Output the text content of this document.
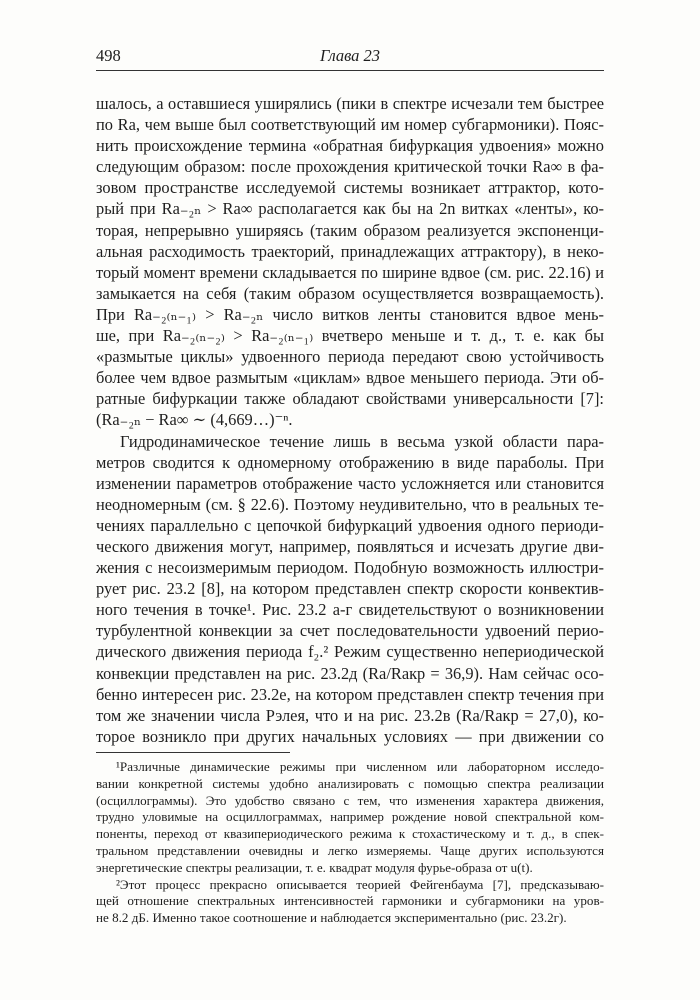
498	Глава 23
шалось, а оставшиеся уширялись (пики в спектре исчезали тем быстрее
по Ra, чем выше был соответствующий им номер субгармоники). Пояс-
нить происхождение термина «обратная бифуркация удвоения» можно
следующим образом: после прохождения критической точки Ra∞ в фа-
зовом пространстве исследуемой системы возникает аттрактор, кото-
рый при Ra₋₂ₙ > Ra∞ располагается как бы на 2n витках «ленты», ко-
торая, непрерывно уширяясь (таким образом реализуется экспоненци-
альная расходимость траекторий, принадлежащих аттрактору), в неко-
торый момент времени складывается по ширине вдвое (см. рис. 22.16) и
замыкается на себя (таким образом осуществляется возвращаемость).
При Ra₋₂₍ₙ₋₁₎ > Ra₋₂ₙ число витков ленты становится вдвое мень-
ше, при Ra₋₂₍ₙ₋₂₎ > Ra₋₂₍ₙ₋₁₎ вчетверо меньше и т. д., т. е. как бы
«размытые циклы» удвоенного периода передают свою устойчивость
более чем вдвое размытым «циклам» вдвое меньшего периода. Эти об-
ратные бифуркации также обладают свойствами универсальности [7]:
(Ra₋₂ₙ − Ra∞ ∼ (4,669…)⁻ⁿ.
Гидродинамическое течение лишь в весьма узкой области пара-
метров сводится к одномерному отображению в виде параболы. При
изменении параметров отображение часто усложняется или становится
неодномерным (см. § 22.6). Поэтому неудивительно, что в реальных те-
чениях параллельно с цепочкой бифуркаций удвоения одного периоди-
ческого движения могут, например, появляться и исчезать другие дви-
жения с несоизмеримым периодом. Подобную возможность иллюстри-
рует рис. 23.2 [8], на котором представлен спектр скорости конвектив-
ного течения в точке¹. Рис. 23.2 а-г свидетельствуют о возникновении
турбулентной конвекции за счет последовательности удвоений перио-
дического движения периода f₂.² Режим существенно непериодической
конвекции представлен на рис. 23.2д (Ra/Raкр = 36,9). Нам сейчас осо-
бенно интересен рис. 23.2е, на котором представлен спектр течения при
том же значении числа Рэлея, что и на рис. 23.2в (Ra/Raкр = 27,0), ко-
торое возникло при других начальных условиях — при движении со
¹Различные динамические режимы при численном или лабораторном исследо-
вании конкретной системы удобно анализировать с помощью спектра реализации
(осциллограммы). Это удобство связано с тем, что изменения характера движения,
трудно уловимые на осциллограммах, например рождение новой спектральной ком-
поненты, переход от квазипериодического режима к стохастическому и т. д., в спек-
тральном представлении очевидны и легко измеряемы. Чаще других используются
энергетические спектры реализации, т. е. квадрат модуля фурье-образа от u(t).
²Этот процесс прекрасно описывается теорией Фейгенбаума [7], предсказываю-
щей отношение спектральных интенсивностей гармоники и субгармоники на уров-
не 8.2 дБ. Именно такое соотношение и наблюдается экспериментально (рис. 23.2г).
